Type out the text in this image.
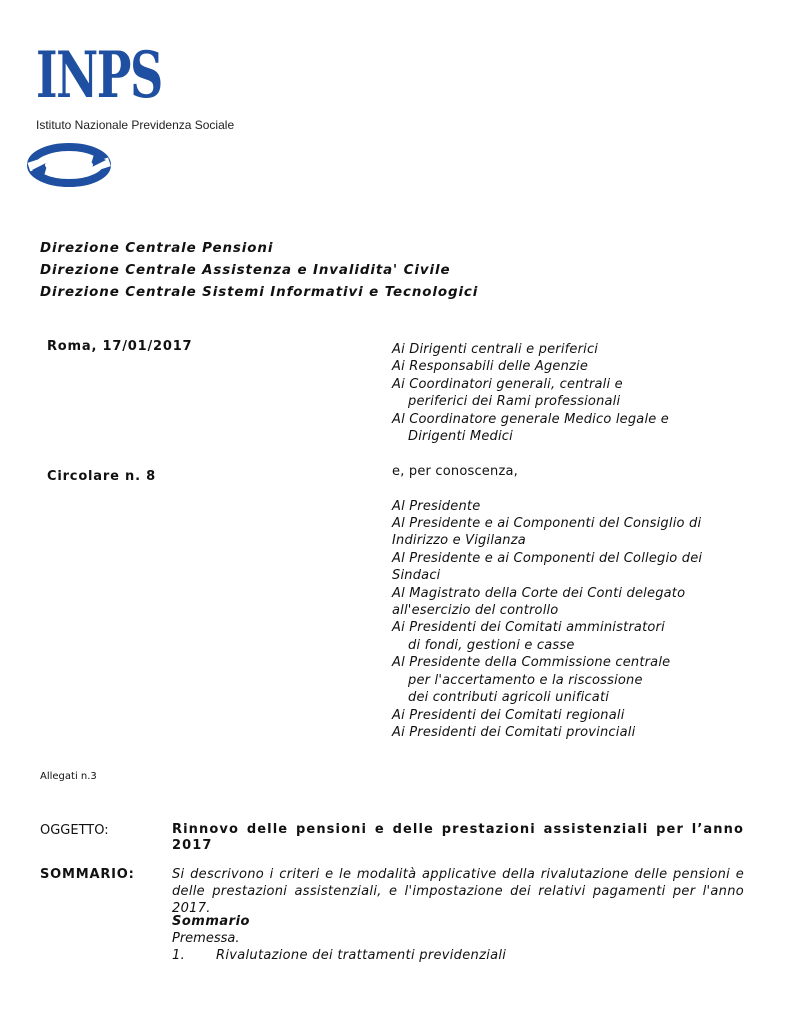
INPS
Istituto Nazionale Previdenza Sociale
Direzione Centrale Pensioni
Direzione Centrale Assistenza e Invalidita' Civile
Direzione Centrale Sistemi Informativi e Tecnologici
Roma, 17/01/2017
Circolare n. 8
Ai Dirigenti centrali e periferici
Ai Responsabili delle Agenzie
Ai Coordinatori generali, centrali e
periferici dei Rami professionali
Al Coordinatore generale Medico legale e
Dirigenti Medici
e, per conoscenza,
Al Presidente
Al Presidente e ai Componenti del Consiglio di
Indirizzo e Vigilanza
Al Presidente e ai Componenti del Collegio dei
Sindaci
Al Magistrato della Corte dei Conti delegato
all'esercizio del controllo
Ai Presidenti dei Comitati amministratori
di fondi, gestioni e casse
Al Presidente della Commissione centrale
per l'accertamento e la riscossione
dei contributi agricoli unificati
Ai Presidenti dei Comitati regionali
Ai Presidenti dei Comitati provinciali
Allegati n.3
OGGETTO:	Rinnovo delle pensioni e delle prestazioni assistenziali per l’anno
2017
SOMMARIO:	Si descrivono i criteri e le modalità applicative della rivalutazione delle pensioni e delle prestazioni assistenziali, e l'impostazione dei relativi pagamenti per l'anno 2017.
Sommario
Premessa.
1. Rivalutazione dei trattamenti previdenziali
